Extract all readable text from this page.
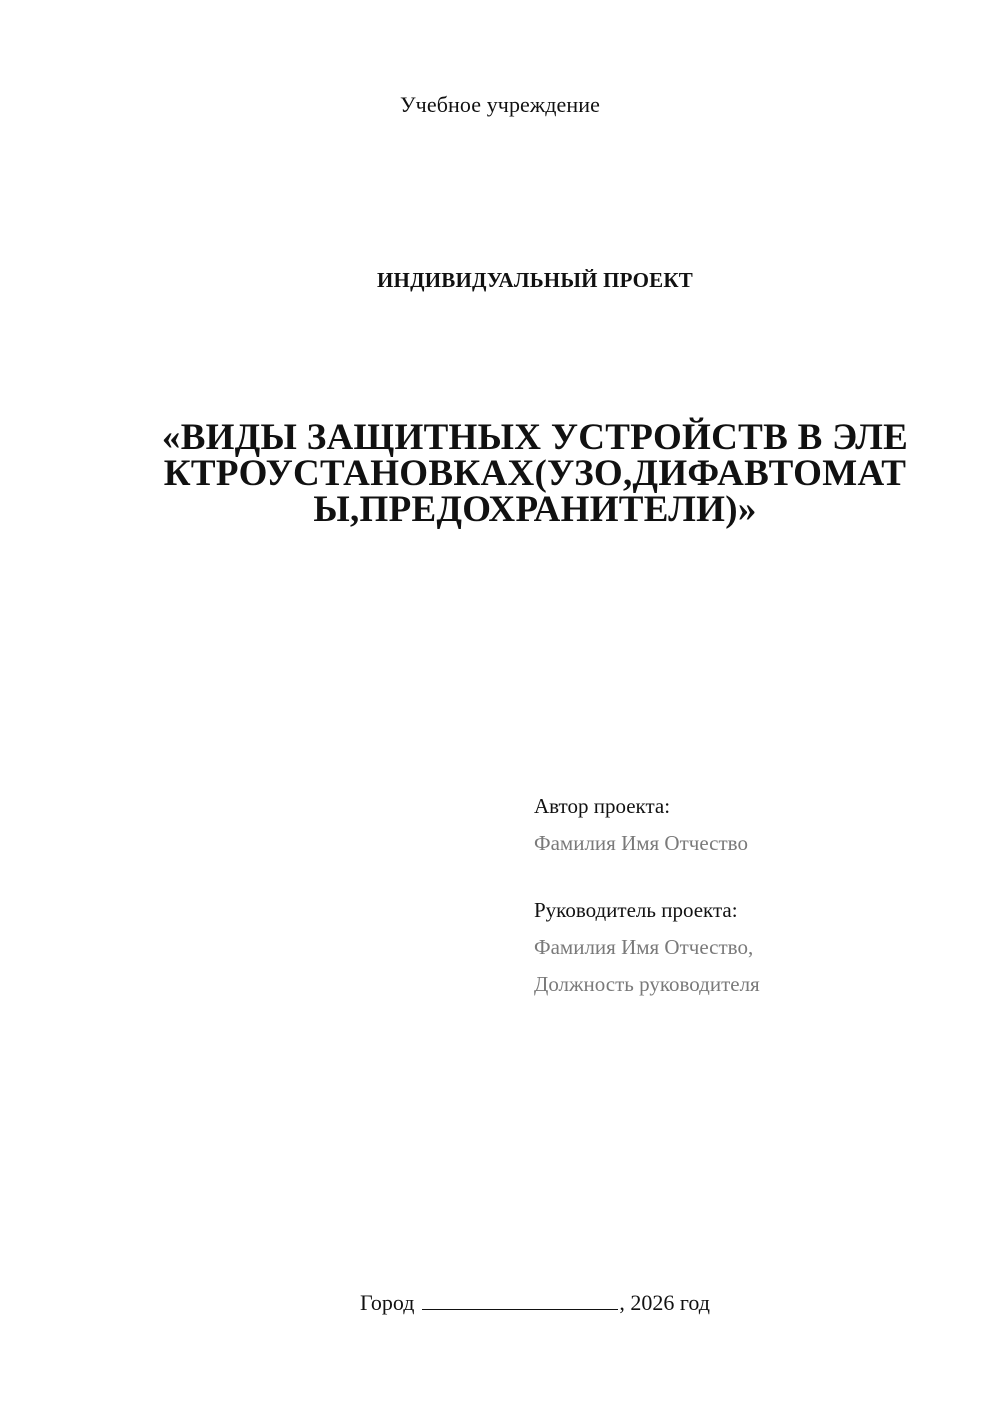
Учебное учреждение
ИНДИВИДУАЛЬНЫЙ ПРОЕКТ
«ВИДЫ ЗАЩИТНЫХ УСТРОЙСТВ В ЭЛЕ
КТРОУСТАНОВКАХ(УЗО,ДИФАВТОМАТ
Ы,ПРЕДОХРАНИТЕЛИ)»
Автор проекта:
Фамилия Имя Отчество
Руководитель проекта:
Фамилия Имя Отчество,
Должность руководителя
Город	, 2026 год
